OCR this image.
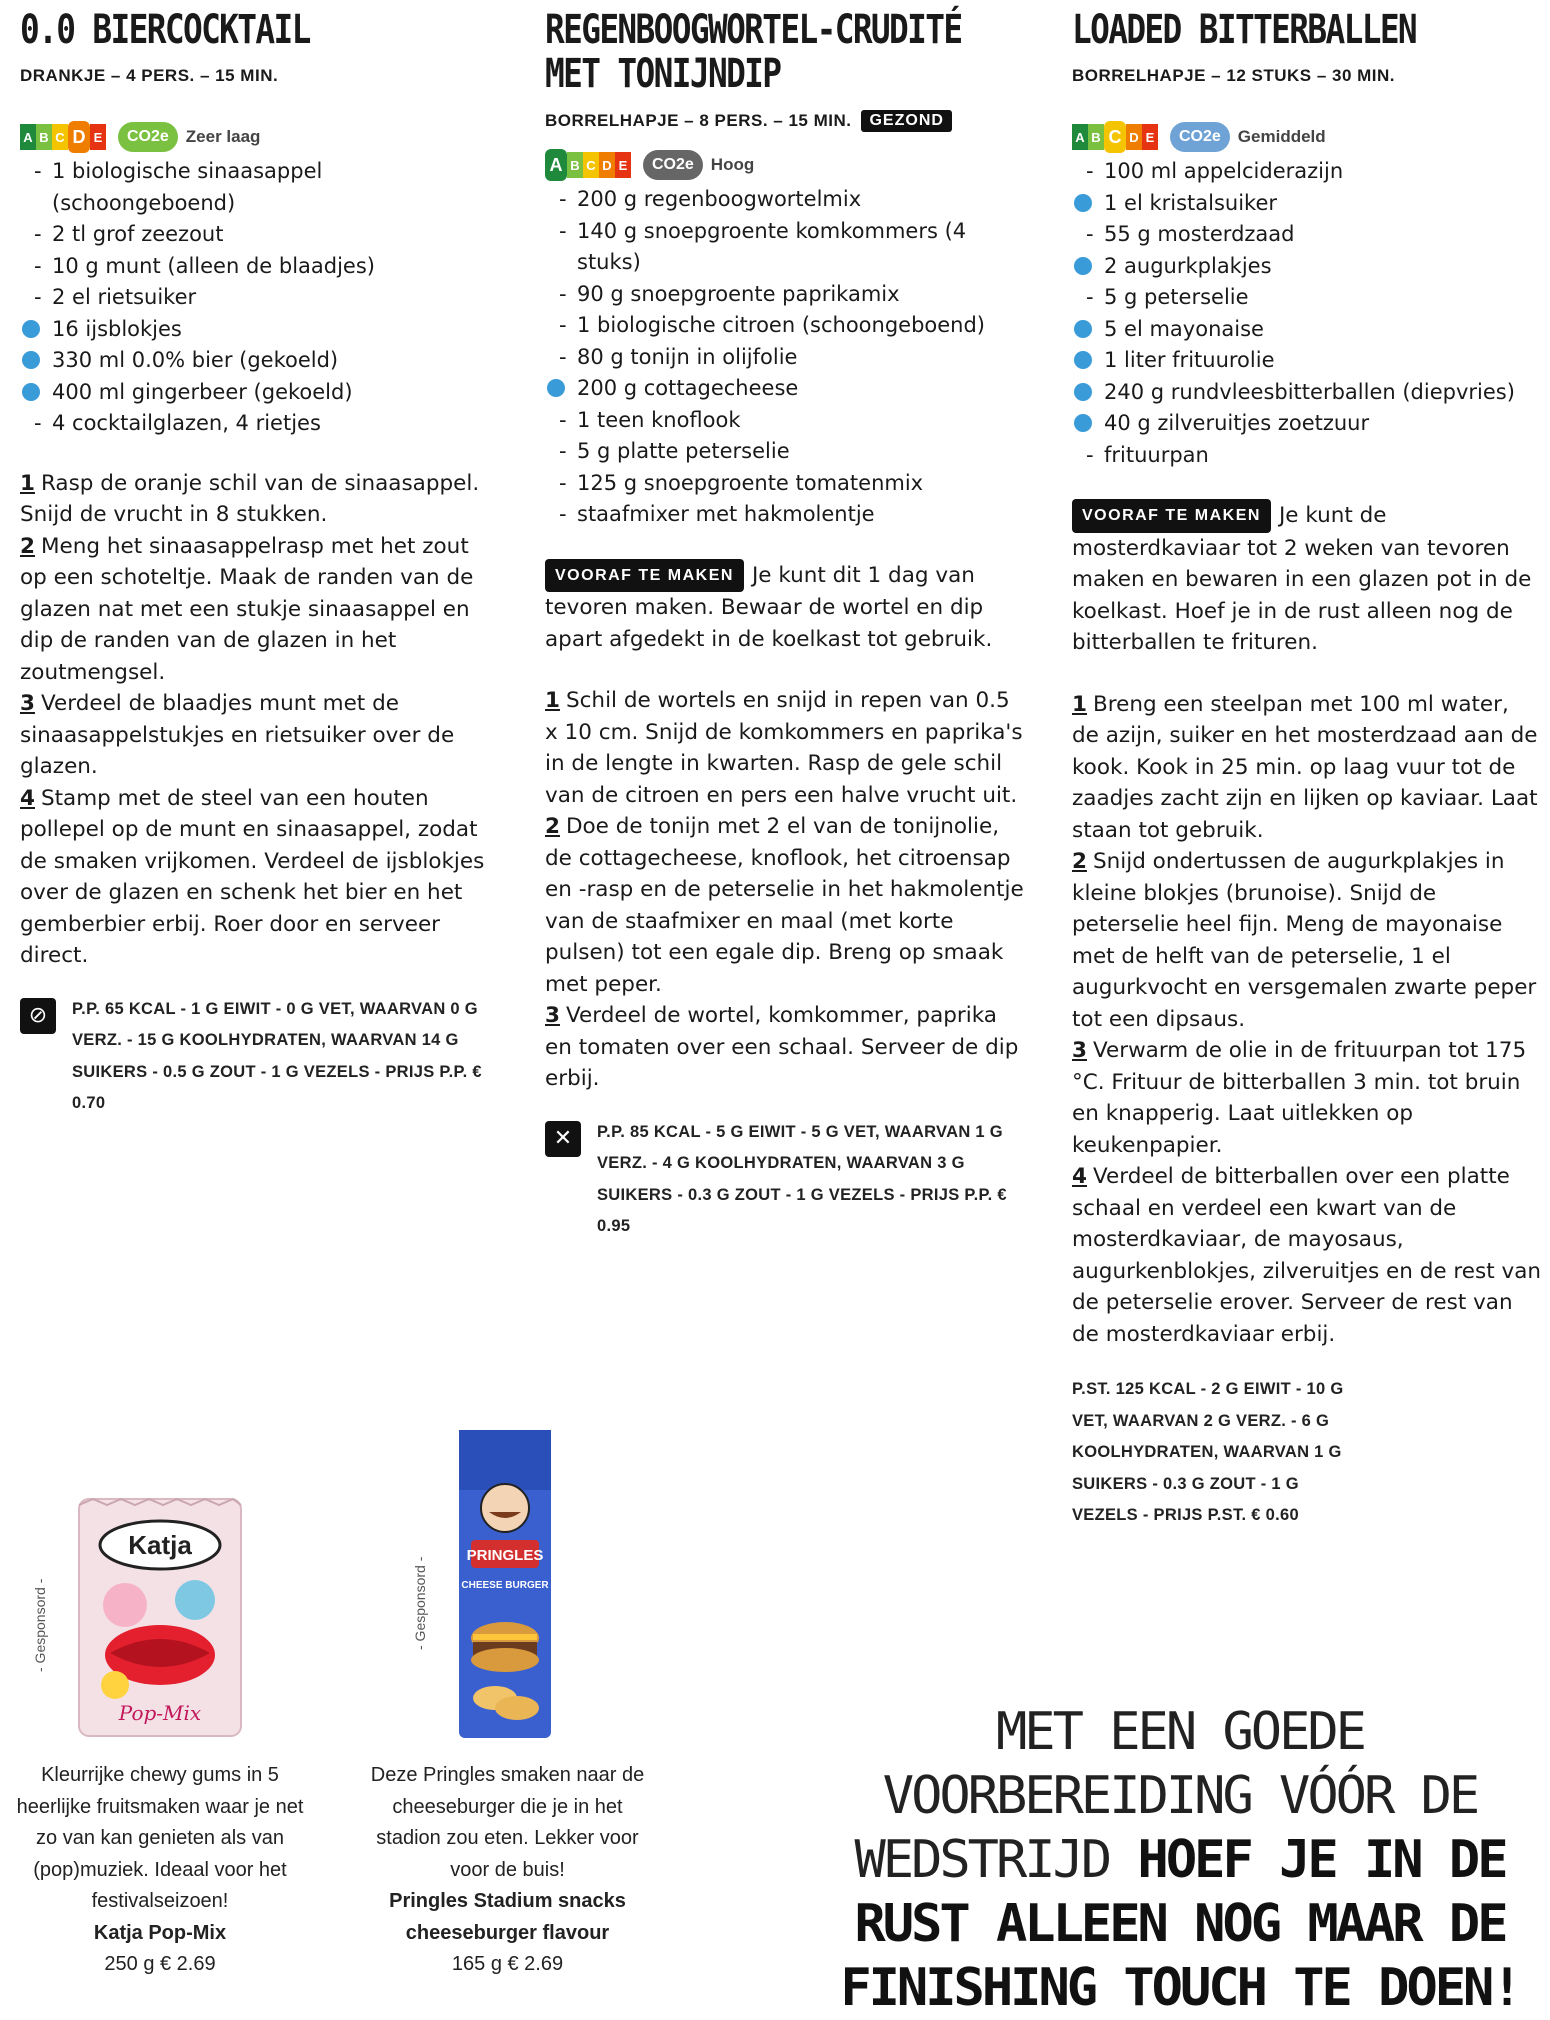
0.0 BIERCOCKTAIL
DRANKJE – 4 PERS. – 15 MIN.
A B C D E	CO2e	Zeer laag
- 1 biologische sinaasappel (schoongeboend)
- 2 tl grof zeezout
- 10 g munt (alleen de blaadjes)
- 2 el rietsuiker
16 ijsblokjes
330 ml 0.0% bier (gekoeld)
400 ml gingerbeer (gekoeld)
- 4 cocktailglazen, 4 rietjes

1 Rasp de oranje schil van de sinaasappel. Snijd de vrucht in 8 stukken.

2 Meng het sinaasappelrasp met het zout op een schoteltje. Maak de randen van de glazen nat met een stukje sinaasappel en dip de randen van de glazen in het zoutmengsel.

3 Verdeel de blaadjes munt met de sinaasappelstukjes en rietsuiker over de glazen.

4 Stamp met de steel van een houten pollepel op de munt en sinaasappel, zodat de smaken vrijkomen. Verdeel de ijsblokjes over de glazen en schenk het bier en het gemberbier erbij. Roer door en serveer direct.

⊘	P.P. 65 KCAL - 1 G EIWIT - 0 G VET, WAARVAN 0 G VERZ. - 15 G KOOLHYDRATEN, WAARVAN 14 G SUIKERS - 0.5 G ZOUT - 1 G VEZELS - PRIJS P.P. € 0.70
REGENBOOGWORTEL-CRUDITÉ
MET TONIJNDIP
BORRELHAPJE – 8 PERS. – 15 MIN.	GEZOND
A B C D E	CO2e	Hoog
- 200 g regenboogwortelmix
- 140 g snoepgroente komkommers (4 stuks)
- 90 g snoepgroente paprikamix
- 1 biologische citroen (schoongeboend)
- 80 g tonijn in olijfolie
200 g cottagecheese
- 1 teen knoflook
- 5 g platte peterselie
- 125 g snoepgroente tomatenmix
- staafmixer met hakmolentje

VOORAF TE MAKEN Je kunt dit 1 dag van tevoren maken. Bewaar de wortel en dip apart afgedekt in de koelkast tot gebruik.

1 Schil de wortels en snijd in repen van 0.5 x 10 cm. Snijd de komkommers en paprika's in de lengte in kwarten. Rasp de gele schil van de citroen en pers een halve vrucht uit.

2 Doe de tonijn met 2 el van de tonijnolie, de cottagecheese, knoflook, het citroensap en -rasp en de peterselie in het hakmolentje van de staafmixer en maal (met korte pulsen) tot een egale dip. Breng op smaak met peper.

3 Verdeel de wortel, komkommer, paprika en tomaten over een schaal. Serveer de dip erbij.

✕	P.P. 85 KCAL - 5 G EIWIT - 5 G VET, WAARVAN 1 G VERZ. - 4 G KOOLHYDRATEN, WAARVAN 3 G SUIKERS - 0.3 G ZOUT - 1 G VEZELS - PRIJS P.P. € 0.95
LOADED BITTERBALLEN
BORRELHAPJE – 12 STUKS – 30 MIN.
A B C D E	CO2e	Gemiddeld
- 100 ml appelciderazijn
1 el kristalsuiker
- 55 g mosterdzaad
2 augurkplakjes
- 5 g peterselie
5 el mayonaise
1 liter frituurolie
240 g rundvleesbitterballen (diepvries)
40 g zilveruitjes zoetzuur
- frituurpan

VOORAF TE MAKEN Je kunt de mosterdkaviaar tot 2 weken van tevoren maken en bewaren in een glazen pot in de koelkast. Hoef je in de rust alleen nog de bitterballen te frituren.

1 Breng een steelpan met 100 ml water, de azijn, suiker en het mosterdzaad aan de kook. Kook in 25 min. op laag vuur tot de zaadjes zacht zijn en lijken op kaviaar. Laat staan tot gebruik.

2 Snijd ondertussen de augurkplakjes in kleine blokjes (brunoise). Snijd de peterselie heel fijn. Meng de mayonaise met de helft van de peterselie, 1 el augurkvocht en versgemalen zwarte peper tot een dipsaus.

3 Verwarm de olie in de frituurpan tot 175 °C. Frituur de bitterballen 3 min. tot bruin en knapperig. Laat uitlekken op keukenpapier.

4 Verdeel de bitterballen over een platte schaal en verdeel een kwart van de mosterdkaviaar, de mayosaus, augurkenblokjes, zilveruitjes en de rest van de peterselie erover. Serveer de rest van de mosterdkaviaar erbij.

P.ST. 125 KCAL - 2 G EIWIT - 10 G VET, WAARVAN 2 G VERZ. - 6 G KOOLHYDRATEN, WAARVAN 1 G SUIKERS - 0.3 G ZOUT - 1 G VEZELS - PRIJS P.ST. € 0.60
- Gesponsord -
Katja
Pop-Mix
Kleurrijke chewy gums in 5 heerlijke fruitsmaken waar je net zo van kan genieten als van (pop)muziek. Ideaal voor het festivalseizoen!
Katja Pop-Mix
250 g € 2.69
- Gesponsord -
PRINGLES
CHEESE BURGER
Deze Pringles smaken naar de cheeseburger die je in het stadion zou eten. Lekker voor voor de buis!
Pringles Stadium snacks cheeseburger flavour
165 g € 2.69
MET EEN GOEDE VOORBEREIDING VÓÓR DE WEDSTRIJD HOEF JE IN DE RUST ALLEEN NOG MAAR DE FINISHING TOUCH TE DOEN!
